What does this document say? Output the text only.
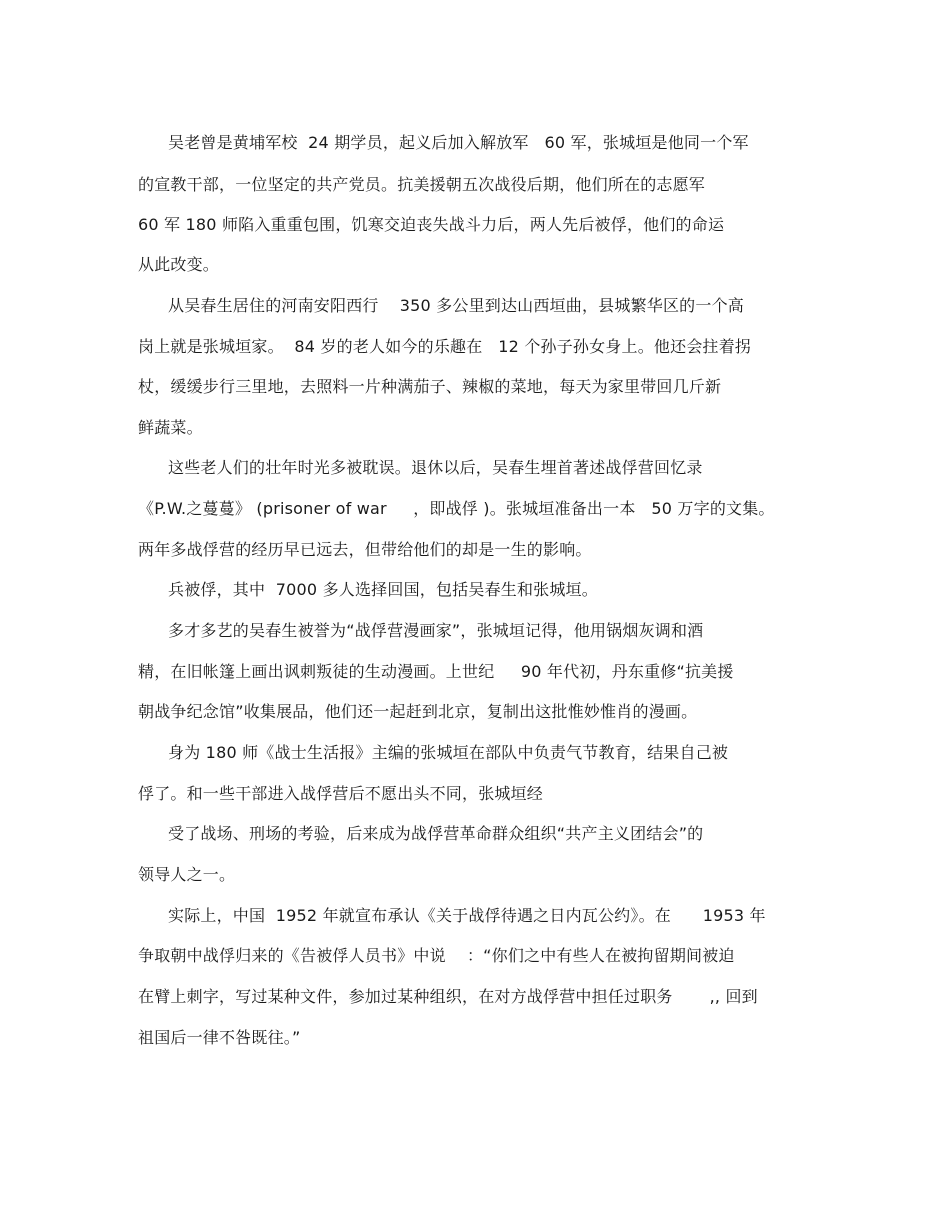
吴老曾是黄埔军校  24 期学员，起义后加入解放军   60 军，张城垣是他同一个军
的宣教干部，一位坚定的共产党员。抗美援朝五次战役后期，他们所在的志愿军
60 军 180 师陷入重重包围，饥寒交迫丧失战斗力后，两人先后被俘，他们的命运
从此改变。
从吴春生居住的河南安阳西行    350 多公里到达山西垣曲，县城繁华区的一个高
岗上就是张城垣家。  84 岁的老人如今的乐趣在   12 个孙子孙女身上。他还会拄着拐
杖，缓缓步行三里地，去照料一片种满茄子、辣椒的菜地，每天为家里带回几斤新
鲜蔬菜。
这些老人们的壮年时光多被耽误。退休以后，吴春生埋首著述战俘营回忆录
《P.W.之蔓蔓》 (prisoner of war     ，即战俘 )。张城垣准备出一本   50 万字的文集。
两年多战俘营的经历早已远去，但带给他们的却是一生的影响。
兵被俘，其中  7000 多人选择回国，包括吴春生和张城垣。
多才多艺的吴春生被誉为“战俘营漫画家”，张城垣记得，他用锅烟灰调和酒
精，在旧帐篷上画出讽刺叛徒的生动漫画。上世纪     90 年代初，丹东重修“抗美援
朝战争纪念馆”收集展品，他们还一起赶到北京，复制出这批惟妙惟肖的漫画。
身为 180 师《战士生活报》主编的张城垣在部队中负责气节教育，结果自己被
俘了。和一些干部进入战俘营后不愿出头不同，张城垣经
受了战场、刑场的考验，后来成为战俘营革命群众组织“共产主义团结会”的
领导人之一。
实际上，中国  1952 年就宣布承认《关于战俘待遇之日内瓦公约》。在      1953 年
争取朝中战俘归来的《告被俘人员书》中说    ：“你们之中有些人在被拘留期间被迫
在臂上刺字，写过某种文件，参加过某种组织，在对方战俘营中担任过职务       ,, 回到
祖国后一律不咎既往。”
